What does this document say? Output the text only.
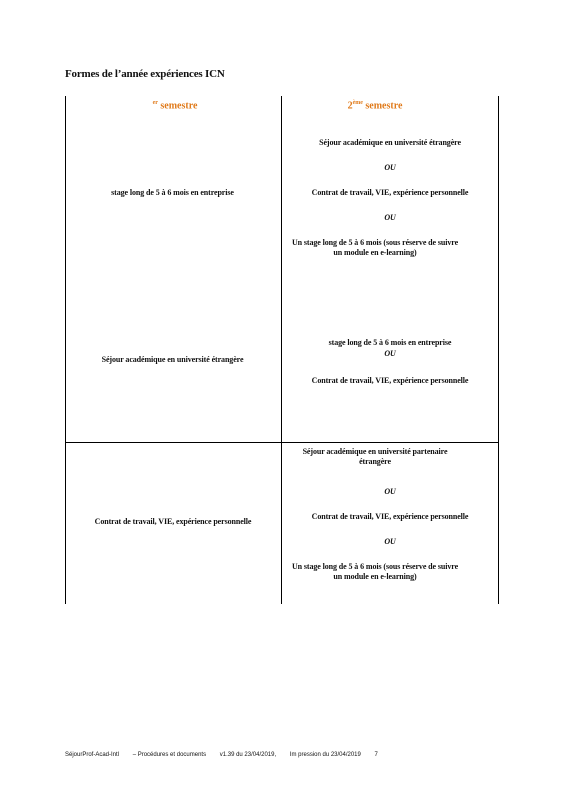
Formes de l’année expériences ICN
$^{er}$ semestre	2ème semestre
stage long de 5 à 6 mois en entreprise
Séjour académique en université étrangère
OU
Contrat de travail, VIE, expérience personnelle
OU
Un stage long de 5 à 6 mois (sous réserve de suivre un module en e-learning)
Séjour académique en université étrangère
stage long de 5 à 6 mois en entreprise
OU
Contrat de travail, VIE, expérience personnelle
Contrat de travail, VIE, expérience personnelle
Séjour académique en université partenaire étrangère
OU
Contrat de travail, VIE, expérience personnelle
OU
Un stage long de 5 à 6 mois (sous réserve de suivre un module en e-learning)
SéjourProf-Acad-Intl – Procédures et documents v1.39 du 23/04/2019, Im pression du 23/04/2019 7
